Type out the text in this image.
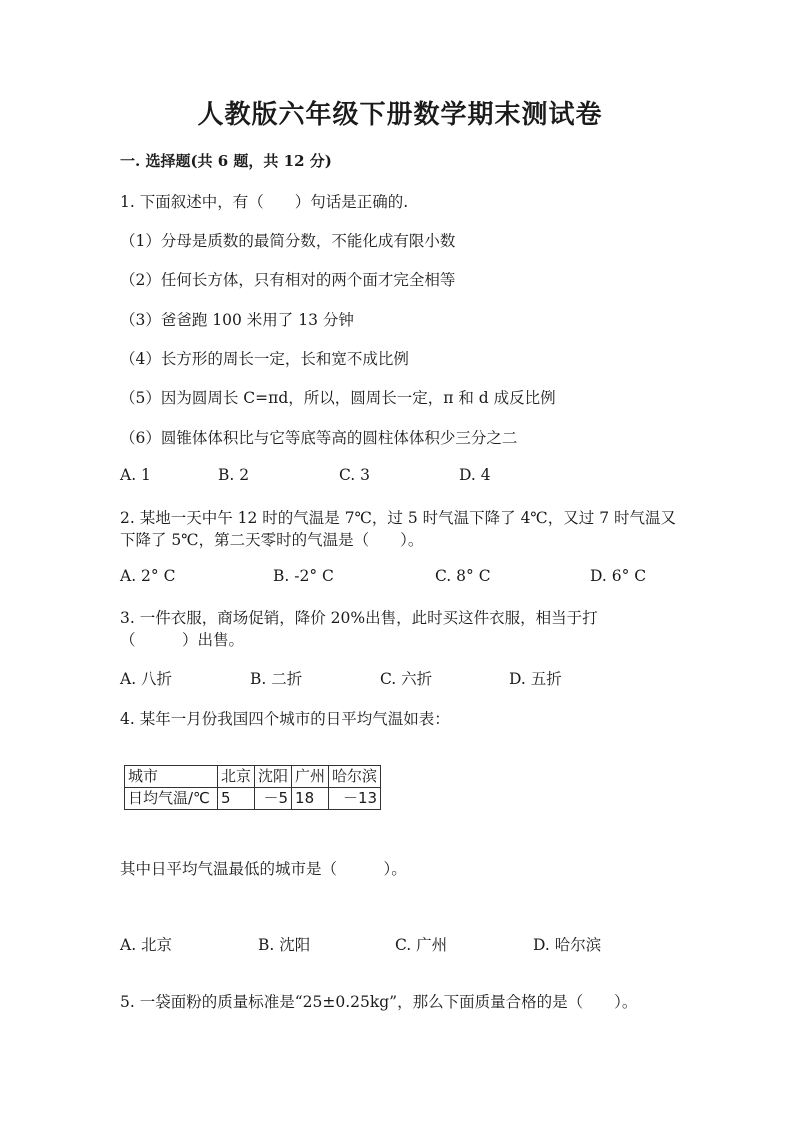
人教版六年级下册数学期末测试卷
一. 选择题(共 6 题，共 12 分)
1. 下面叙述中，有（　　）句话是正确的.
（1）分母是质数的最简分数，不能化成有限小数
（2）任何长方体，只有相对的两个面才完全相等
（3）爸爸跑 100 米用了 13 分钟
（4）长方形的周长一定，长和宽不成比例
（5）因为圆周长 C=πd，所以，圆周长一定，π 和 d 成反比例
（6）圆锥体体积比与它等底等高的圆柱体体积少三分之二
A. 1	B. 2	C. 3	D. 4
2. 某地一天中午 12 时的气温是 7℃，过 5 时气温下降了 4℃，又过 7 时气温又
下降了 5℃，第二天零时的气温是（　　）。
A. 2° C	B. -2° C	C. 8° C	D. 6° C
3. 一件衣服，商场促销，降价 20%出售，此时买这件衣服，相当于打
（　　　）出售。
A. 八折	B. 二折	C. 六折	D. 五折
4. 某年一月份我国四个城市的日平均气温如表：
城市	北京	沈阳	广州	哈尔滨
日均气温/℃	5	－5	18	－13
其中日平均气温最低的城市是（　　　）。
A. 北京	B. 沈阳	C. 广州	D. 哈尔滨
5. 一袋面粉的质量标准是“25±0.25kg”，那么下面质量合格的是（　　）。
